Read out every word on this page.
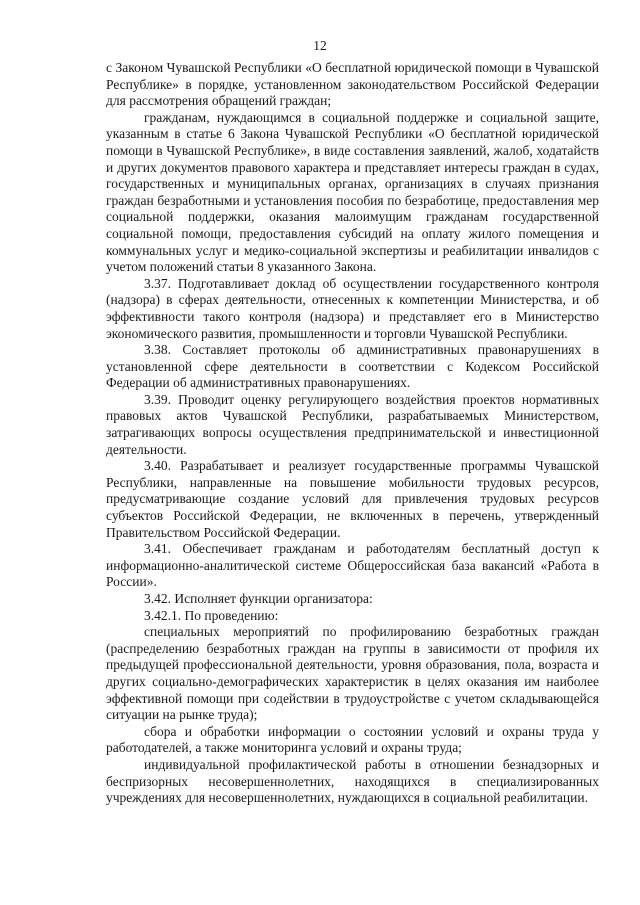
12

с Законом Чувашской Республики «О бесплатной юридической помощи в Чувашской Республике» в порядке, установленном законодательством Российской Федерации для рассмотрения обращений граждан;

гражданам, нуждающимся в социальной поддержке и социальной защите, указанным в статье 6 Закона Чувашской Республики «О бесплатной юридической помощи в Чувашской Республике», в виде составления заявлений, жалоб, ходатайств и других документов правового характера и представляет интересы граждан в судах, государственных и муниципальных органах, организациях в случаях признания граждан безработными и установления пособия по безработице, предоставления мер социальной поддержки, оказания малоимущим гражданам государственной социальной помощи, предоставления субсидий на оплату жилого помещения и коммунальных услуг и медико-социальной экспертизы и реабилитации инвалидов с учетом положений статьи 8 указанного Закона.

3.37. Подготавливает доклад об осуществлении государственного контроля (надзора) в сферах деятельности, отнесенных к компетенции Министерства, и об эффективности такого контроля (надзора) и представляет его в Министерство экономического развития, промышленности и торговли Чувашской Республики.

3.38. Составляет протоколы об административных правонарушениях в установленной сфере деятельности в соответствии с Кодексом Российской Федерации об административных правонарушениях.

3.39. Проводит оценку регулирующего воздействия проектов нормативных правовых актов Чувашской Республики, разрабатываемых Министерством, затрагивающих вопросы осуществления предпринимательской и инвестиционной деятельности.

3.40. Разрабатывает и реализует государственные программы Чувашской Республики, направленные на повышение мобильности трудовых ресурсов, предусматривающие создание условий для привлечения трудовых ресурсов субъектов Российской Федерации, не включенных в перечень, утвержденный Правительством Российской Федерации.

3.41. Обеспечивает гражданам и работодателям бесплатный доступ к информационно-аналитической системе Общероссийская база вакансий «Работа в России».

3.42. Исполняет функции организатора:

3.42.1. По проведению:

специальных мероприятий по профилированию безработных граждан (распределению безработных граждан на группы в зависимости от профиля их предыдущей профессиональной деятельности, уровня образования, пола, возраста и других социально-демографических характеристик в целях оказания им наиболее эффективной помощи при содействии в трудоустройстве с учетом складывающейся ситуации на рынке труда);

сбора и обработки информации о состоянии условий и охраны труда у работодателей, а также мониторинга условий и охраны труда;

индивидуальной профилактической работы в отношении безнадзорных и беспризорных несовершеннолетних, находящихся в специализированных учреждениях для несовершеннолетних, нуждающихся в социальной реабилитации.
